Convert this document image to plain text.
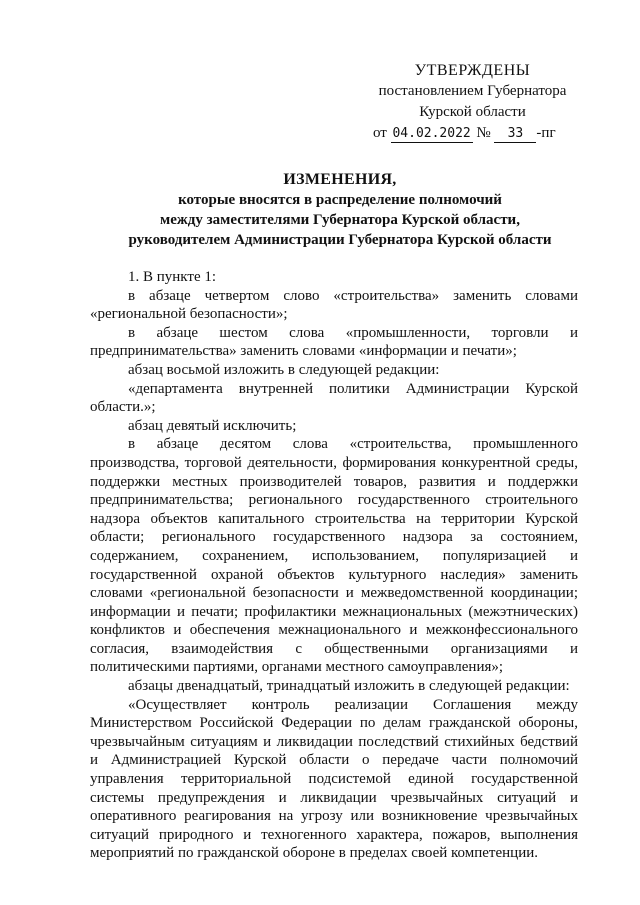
УТВЕРЖДЕНЫ
постановлением Губернатора
Курской области
от 04.02.2022 № 33 -пг
ИЗМЕНЕНИЯ,
которые вносятся в распределение полномочий
между заместителями Губернатора Курской области,
руководителем Администрации Губернатора Курской области

1. В пункте 1:

в абзаце четвертом слово «строительства» заменить словами «региональной безопасности»;

в абзаце шестом слова «промышленности, торговли и предпринимательства» заменить словами «информации и печати»;

абзац восьмой изложить в следующей редакции:

«департамента внутренней политики Администрации Курской области.»;

абзац девятый исключить;

в абзаце десятом слова «строительства, промышленного производства, торговой деятельности, формирования конкурентной среды, поддержки местных производителей товаров, развития и поддержки предпринимательства; регионального государственного строительного надзора объектов капитального строительства на территории Курской области; регионального государственного надзора за состоянием, содержанием, сохранением, использованием, популяризацией и государственной охраной объектов культурного наследия» заменить словами «региональной безопасности и межведомственной координации; информации и печати; профилактики межнациональных (межэтнических) конфликтов и обеспечения межнационального и межконфессионального согласия, взаимодействия с общественными организациями и политическими партиями, органами местного самоуправления»;

абзацы двенадцатый, тринадцатый изложить в следующей редакции:

«Осуществляет контроль реализации Соглашения между Министерством Российской Федерации по делам гражданской обороны, чрезвычайным ситуациям и ликвидации последствий стихийных бедствий и Администрацией Курской области о передаче части полномочий управления территориальной подсистемой единой государственной системы предупреждения и ликвидации чрезвычайных ситуаций и оперативного реагирования на угрозу или возникновение чрезвычайных ситуаций природного и техногенного характера, пожаров, выполнения мероприятий по гражданской обороне в пределах своей компетенции.
